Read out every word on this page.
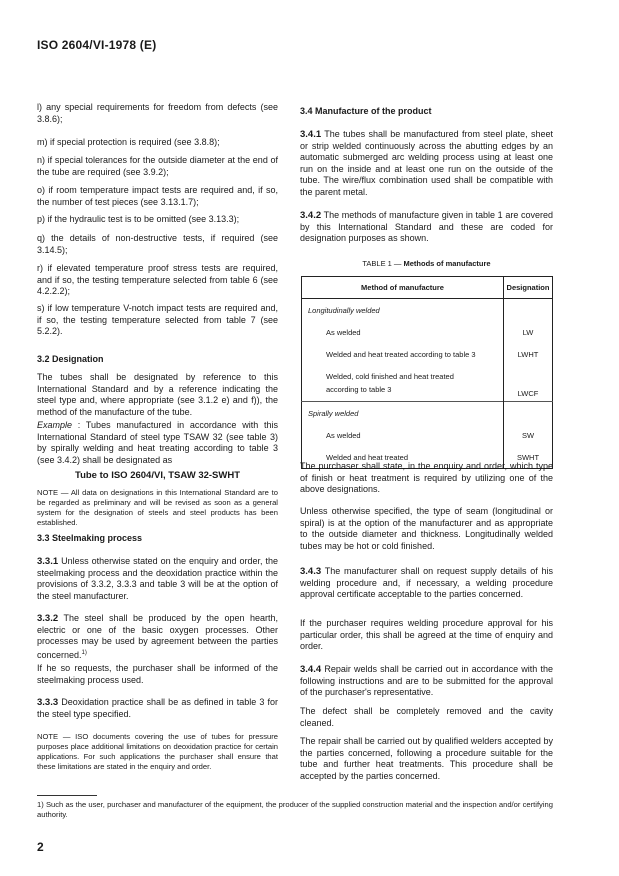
ISO 2604/VI-1978 (E)
l) any special requirements for freedom from defects (see 3.8.6);
m) if special protection is required (see 3.8.8);
n) if special tolerances for the outside diameter at the end of the tube are required (see 3.9.2);
o) if room temperature impact tests are required and, if so, the number of test pieces (see 3.13.1.7);
p) if the hydraulic test is to be omitted (see 3.13.3);
q) the details of non-destructive tests, if required (see 3.14.5);
r) if elevated temperature proof stress tests are required, and if so, the testing temperature selected from table 6 (see 4.2.2.2);
s) if low temperature V-notch impact tests are required and, if so, the testing temperature selected from table 7 (see 5.2.2).
3.2 Designation
The tubes shall be designated by reference to this International Standard and by a reference indicating the steel type and, where appropriate (see 3.1.2 e) and f)), the method of the manufacture of the tube.
Example : Tubes manufactured in accordance with this International Standard of steel type TSAW 32 (see table 3) by spirally welding and heat treating according to table 3 (see 3.4.2) shall be designated as
Tube to ISO 2604/VI, TSAW 32-SWHT
NOTE — All data on designations in this International Standard are to be regarded as preliminary and will be revised as soon as a general system for the designation of steels and steel products has been established.
3.3 Steelmaking process
3.3.1 Unless otherwise stated on the enquiry and order, the steelmaking process and the deoxidation practice within the provisions of 3.3.2, 3.3.3 and table 3 will be at the option of the steel manufacturer.
3.3.2 The steel shall be produced by the open hearth, electric or one of the basic oxygen processes. Other processes may be used by agreement between the parties concerned.$^{1)}$
If he so requests, the purchaser shall be informed of the steelmaking process used.
3.3.3 Deoxidation practice shall be as defined in table 3 for the steel type specified.
NOTE — ISO documents covering the use of tubes for pressure purposes place additional limitations on deoxidation practice for certain applications. For such applications the purchaser shall ensure that these limitations are stated in the enquiry and order.
3.4 Manufacture of the product
3.4.1 The tubes shall be manufactured from steel plate, sheet or strip welded continuously across the abutting edges by an automatic submerged arc welding process using at least one run on the inside and at least one run on the outside of the tube. The wire/flux combination used shall be compatible with the parent metal.
3.4.2 The methods of manufacture given in table 1 are covered by this International Standard and these are coded for designation purposes as shown.
TABLE 1 — Methods of manufacture
Method of manufacture	Designation
Longitudinally welded	
As welded	LW
Welded and heat treated according to table 3	LWHT
Welded, cold finished and heat treated according to table 3	LWCF
Spirally welded	
As welded	SW
Welded and heat treated	SWHT
The purchaser shall state, in the enquiry and order, which type of finish or heat treatment is required by utilizing one of the above designations.
Unless otherwise specified, the type of seam (longitudinal or spiral) is at the option of the manufacturer and as appropriate to the outside diameter and thickness. Longitudinally welded tubes may be hot or cold finished.
3.4.3 The manufacturer shall on request supply details of his welding procedure and, if necessary, a welding procedure approval certificate acceptable to the parties concerned.
If the purchaser requires welding procedure approval for his particular order, this shall be agreed at the time of enquiry and order.
3.4.4 Repair welds shall be carried out in accordance with the following instructions and are to be submitted for the approval of the purchaser's representative.
The defect shall be completely removed and the cavity cleaned.
The repair shall be carried out by qualified welders accepted by the parties concerned, following a procedure suitable for the tube and further heat treatments. This procedure shall be accepted by the parties concerned.
1) Such as the user, purchaser and manufacturer of the equipment, the producer of the supplied construction material and the inspection and/or certifying authority.
2
